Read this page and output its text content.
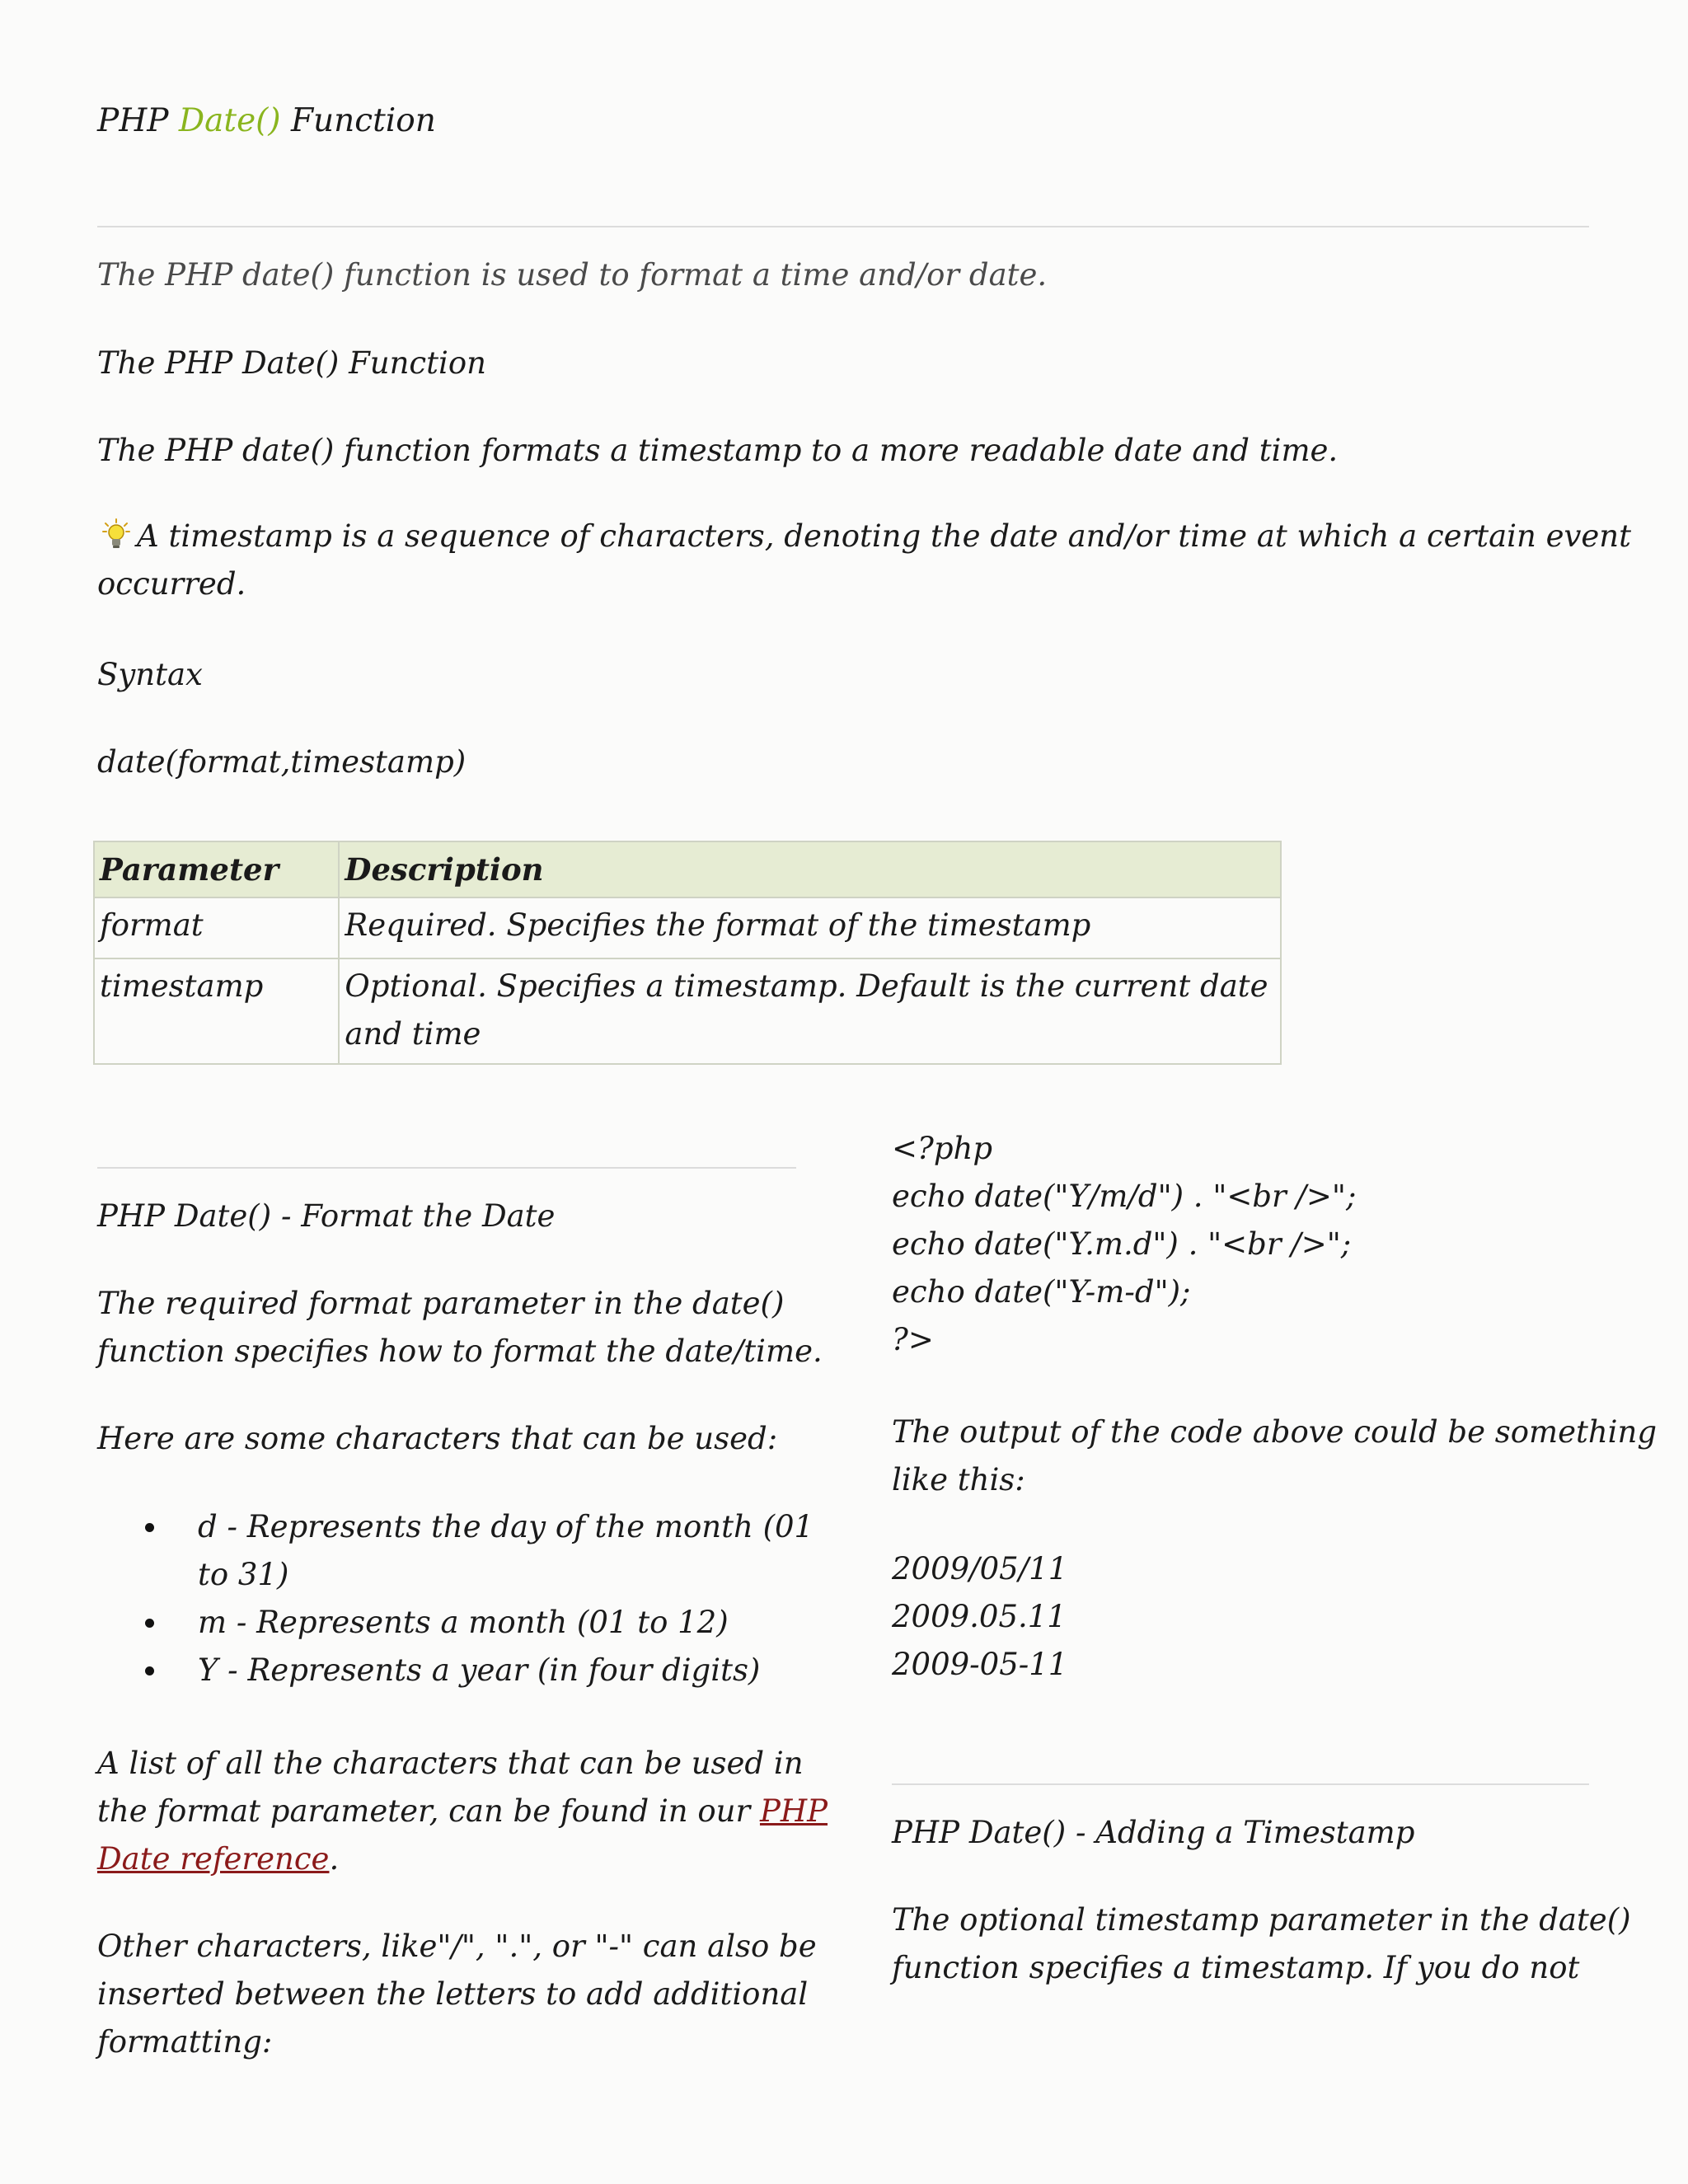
PHP Date() Function
The PHP date() function is used to format a time and/or date.
The PHP Date() Function
The PHP date() function formats a timestamp to a more readable date and time.
A timestamp is a sequence of characters, denoting the date and/or time at which a certain event
occurred.
Syntax
date(format,timestamp)
Parameter	Description
format	Required. Specifies the format of the timestamp
timestamp	Optional. Specifies a timestamp. Default is the current date and time
PHP Date() - Format the Date
The required format parameter in the date()
function specifies how to format the date/time.
Here are some characters that can be used:
d - Represents the day of the month (01 to 31)
m - Represents a month (01 to 12)
Y - Represents a year (in four digits)
A list of all the characters that can be used in
the format parameter, can be found in our PHP
Date reference.
Other characters, like"/", ".", or "-" can also be
inserted between the letters to add additional
formatting:
<?php
echo date("Y/m/d") . "<br />";
echo date("Y.m.d") . "<br />";
echo date("Y-m-d");
?>
The output of the code above could be something
like this:
2009/05/11
2009.05.11
2009-05-11
PHP Date() - Adding a Timestamp
The optional timestamp parameter in the date()
function specifies a timestamp. If you do not
